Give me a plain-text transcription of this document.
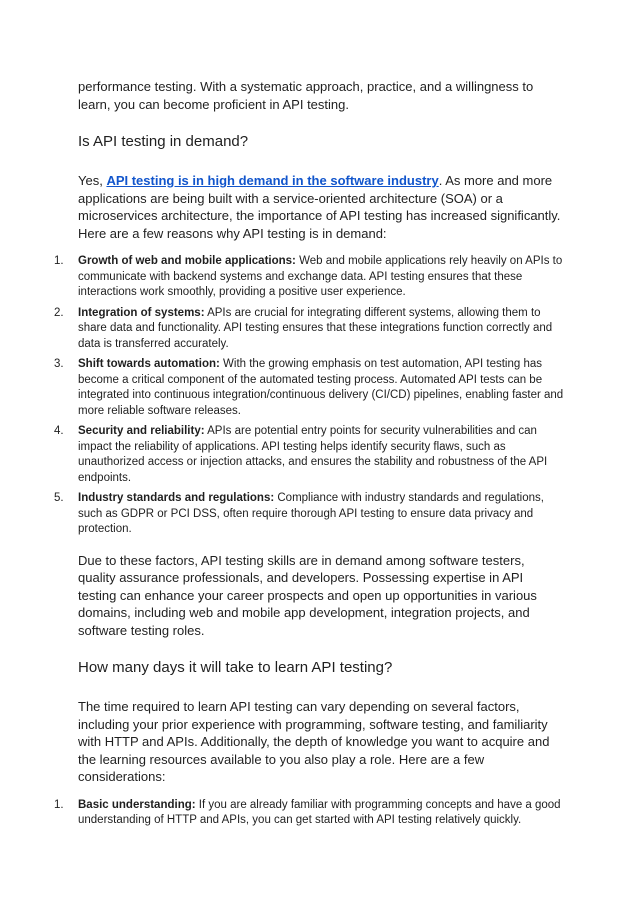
performance testing. With a systematic approach, practice, and a willingness to learn, you can become proficient in API testing.

Is API testing in demand?

Yes, API testing is in high demand in the software industry. As more and more applications are being built with a service-oriented architecture (SOA) or a microservices architecture, the importance of API testing has increased significantly. Here are a few reasons why API testing is in demand:

1. Growth of web and mobile applications: Web and mobile applications rely heavily on APIs to communicate with backend systems and exchange data. API testing ensures that these interactions work smoothly, providing a positive user experience.
2. Integration of systems: APIs are crucial for integrating different systems, allowing them to share data and functionality. API testing ensures that these integrations function correctly and data is transferred accurately.
3. Shift towards automation: With the growing emphasis on test automation, API testing has become a critical component of the automated testing process. Automated API tests can be integrated into continuous integration/continuous delivery (CI/CD) pipelines, enabling faster and more reliable software releases.
4. Security and reliability: APIs are potential entry points for security vulnerabilities and can impact the reliability of applications. API testing helps identify security flaws, such as unauthorized access or injection attacks, and ensures the stability and robustness of the API endpoints.
5. Industry standards and regulations: Compliance with industry standards and regulations, such as GDPR or PCI DSS, often require thorough API testing to ensure data privacy and protection.

Due to these factors, API testing skills are in demand among software testers, quality assurance professionals, and developers. Possessing expertise in API testing can enhance your career prospects and open up opportunities in various domains, including web and mobile app development, integration projects, and software testing roles.

How many days it will take to learn API testing?

The time required to learn API testing can vary depending on several factors, including your prior experience with programming, software testing, and familiarity with HTTP and APIs. Additionally, the depth of knowledge you want to acquire and the learning resources available to you also play a role. Here are a few considerations:

1. Basic understanding: If you are already familiar with programming concepts and have a good understanding of HTTP and APIs, you can get started with API testing relatively quickly.
